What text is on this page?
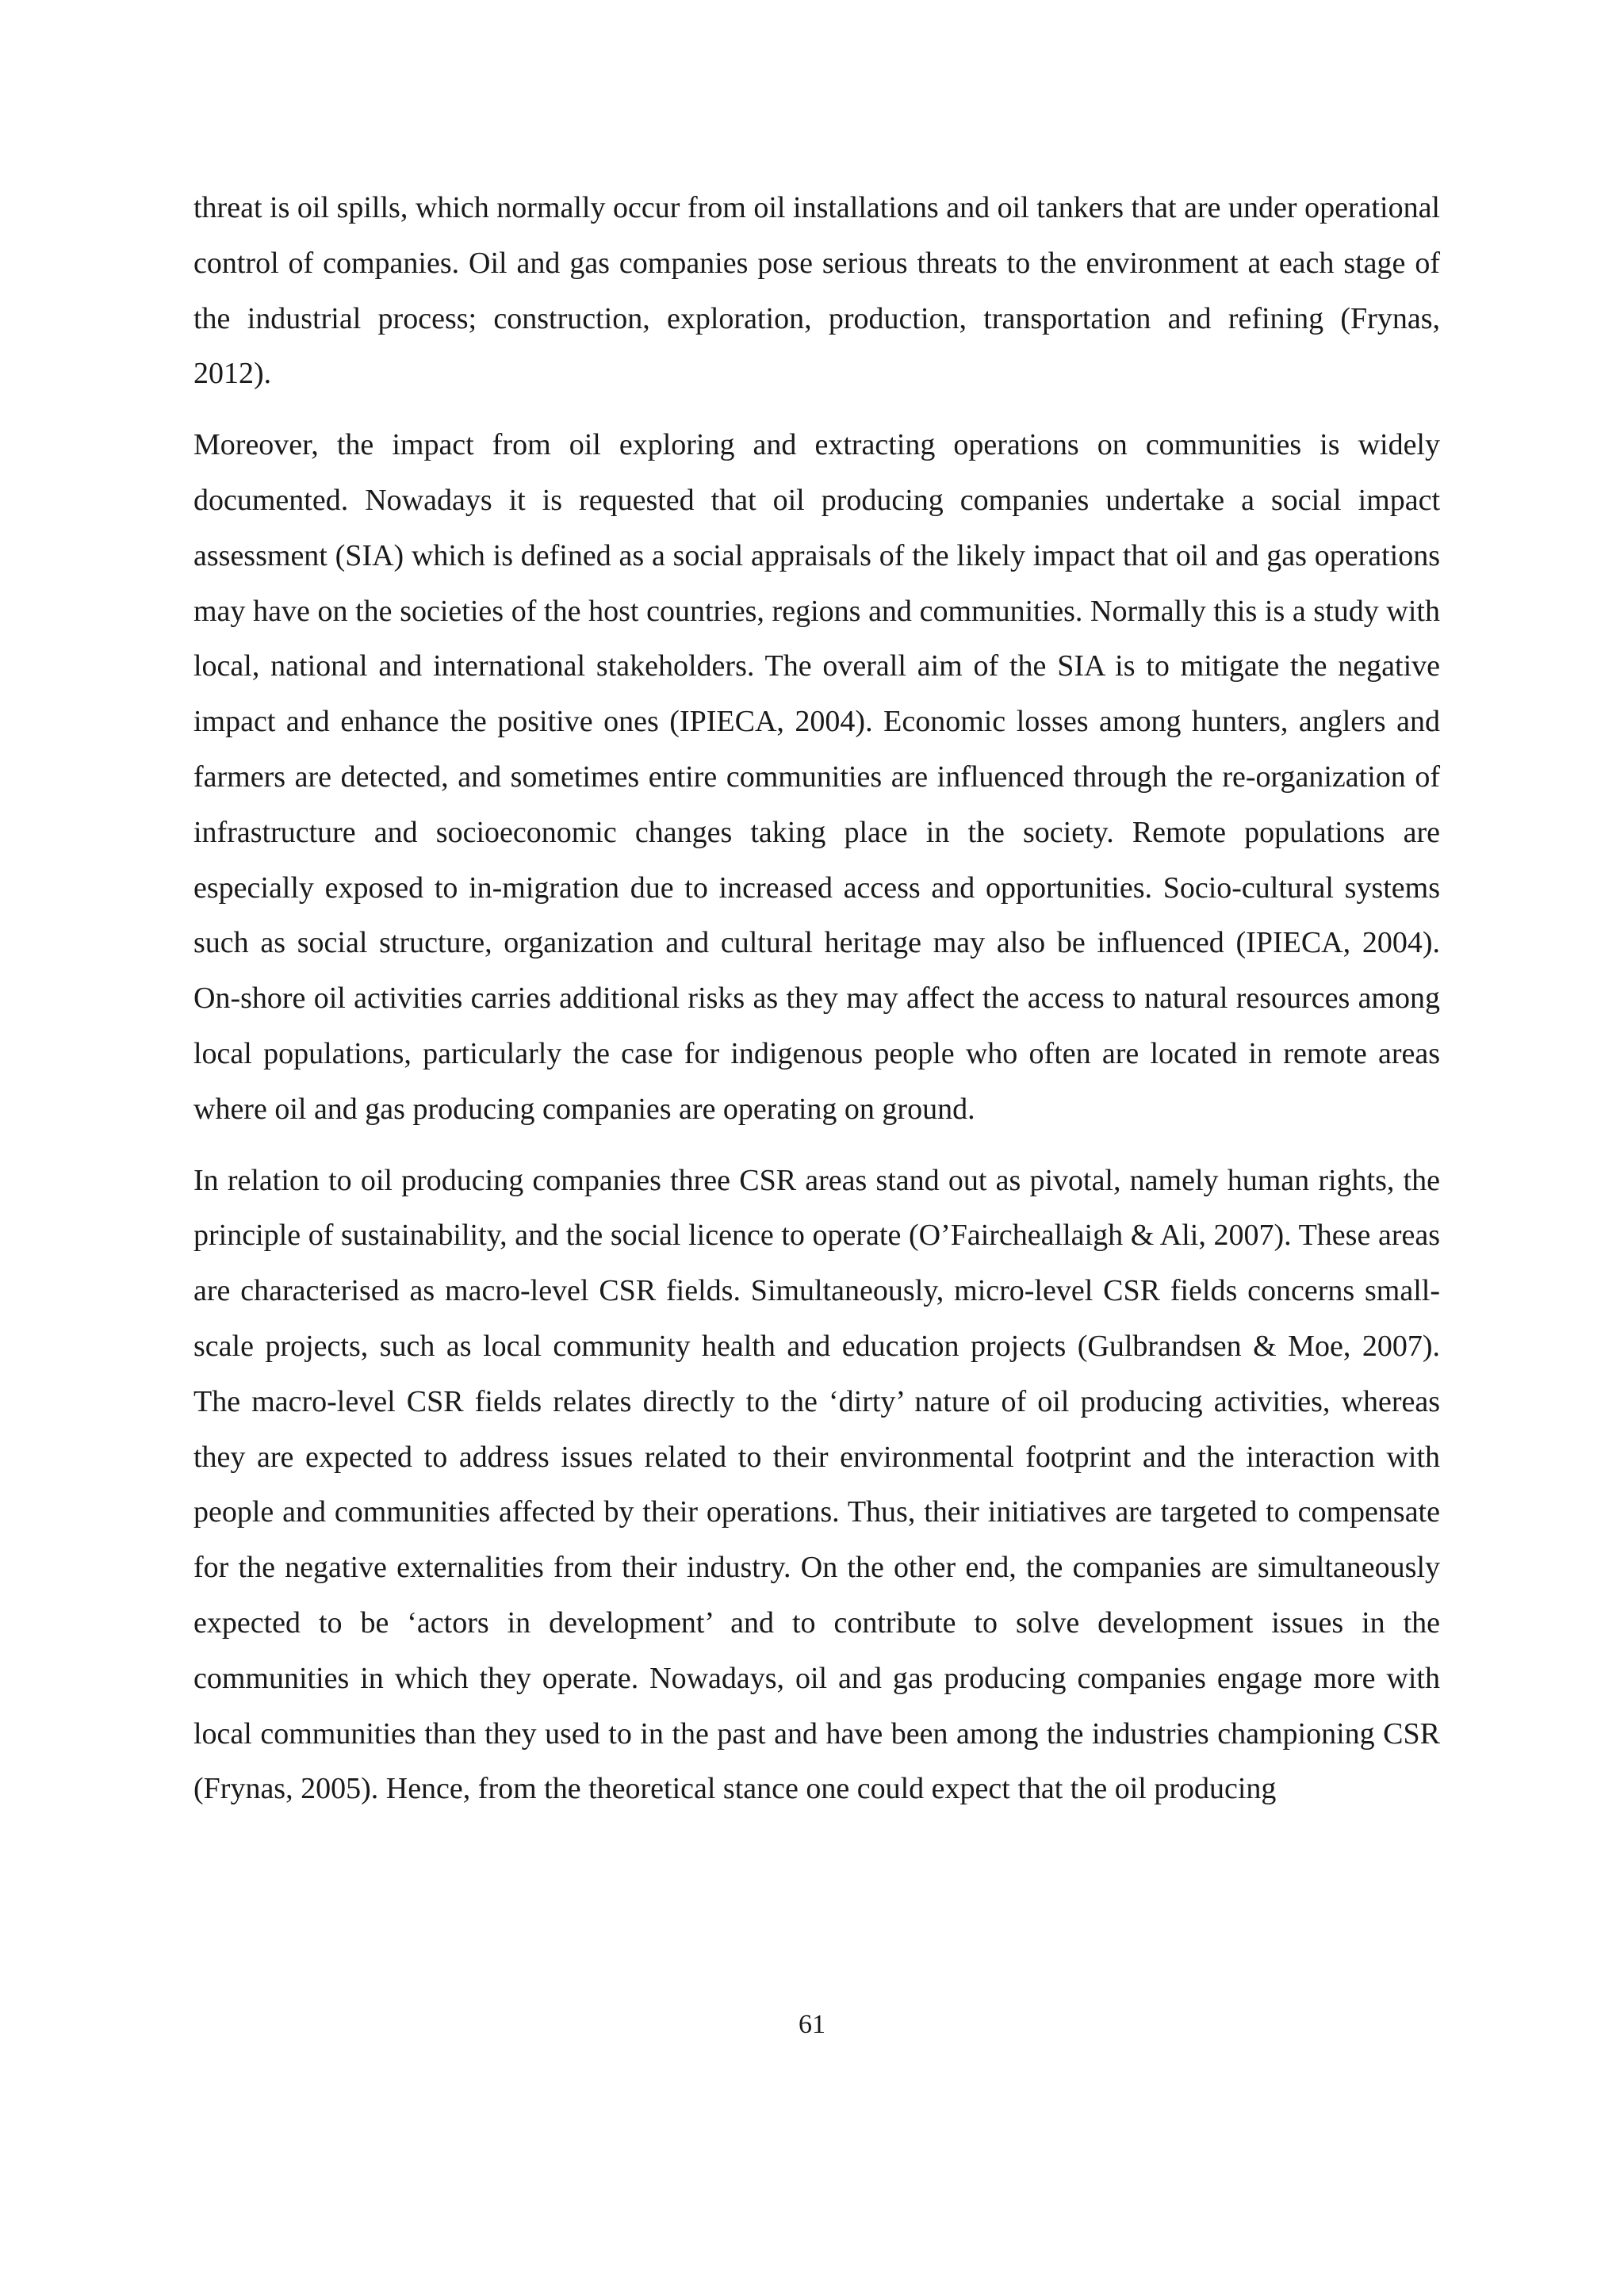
threat is oil spills, which normally occur from oil installations and oil tankers that are under operational control of companies. Oil and gas companies pose serious threats to the environment at each stage of the industrial process; construction, exploration, production, transportation and refining (Frynas, 2012).

Moreover, the impact from oil exploring and extracting operations on communities is widely documented. Nowadays it is requested that oil producing companies undertake a social impact assessment (SIA) which is defined as a social appraisals of the likely impact that oil and gas operations may have on the societies of the host countries, regions and communities. Normally this is a study with local, national and international stakeholders. The overall aim of the SIA is to mitigate the negative impact and enhance the positive ones (IPIECA, 2004). Economic losses among hunters, anglers and farmers are detected, and sometimes entire communities are influenced through the re-organization of infrastructure and socioeconomic changes taking place in the society. Remote populations are especially exposed to in-migration due to increased access and opportunities. Socio-cultural systems such as social structure, organization and cultural heritage may also be influenced (IPIECA, 2004). On-shore oil activities carries additional risks as they may affect the access to natural resources among local populations, particularly the case for indigenous people who often are located in remote areas where oil and gas producing companies are operating on ground.

In relation to oil producing companies three CSR areas stand out as pivotal, namely human rights, the principle of sustainability, and the social licence to operate (O’Faircheallaigh & Ali, 2007). These areas are characterised as macro-level CSR fields. Simultaneously, micro-level CSR fields concerns small-scale projects, such as local community health and education projects (Gulbrandsen & Moe, 2007). The macro-level CSR fields relates directly to the ‘dirty’ nature of oil producing activities, whereas they are expected to address issues related to their environmental footprint and the interaction with people and communities affected by their operations. Thus, their initiatives are targeted to compensate for the negative externalities from their industry. On the other end, the companies are simultaneously expected to be ‘actors in development’ and to contribute to solve development issues in the communities in which they operate. Nowadays, oil and gas producing companies engage more with local communities than they used to in the past and have been among the industries championing CSR (Frynas, 2005). Hence, from the theoretical stance one could expect that the oil producing

61
